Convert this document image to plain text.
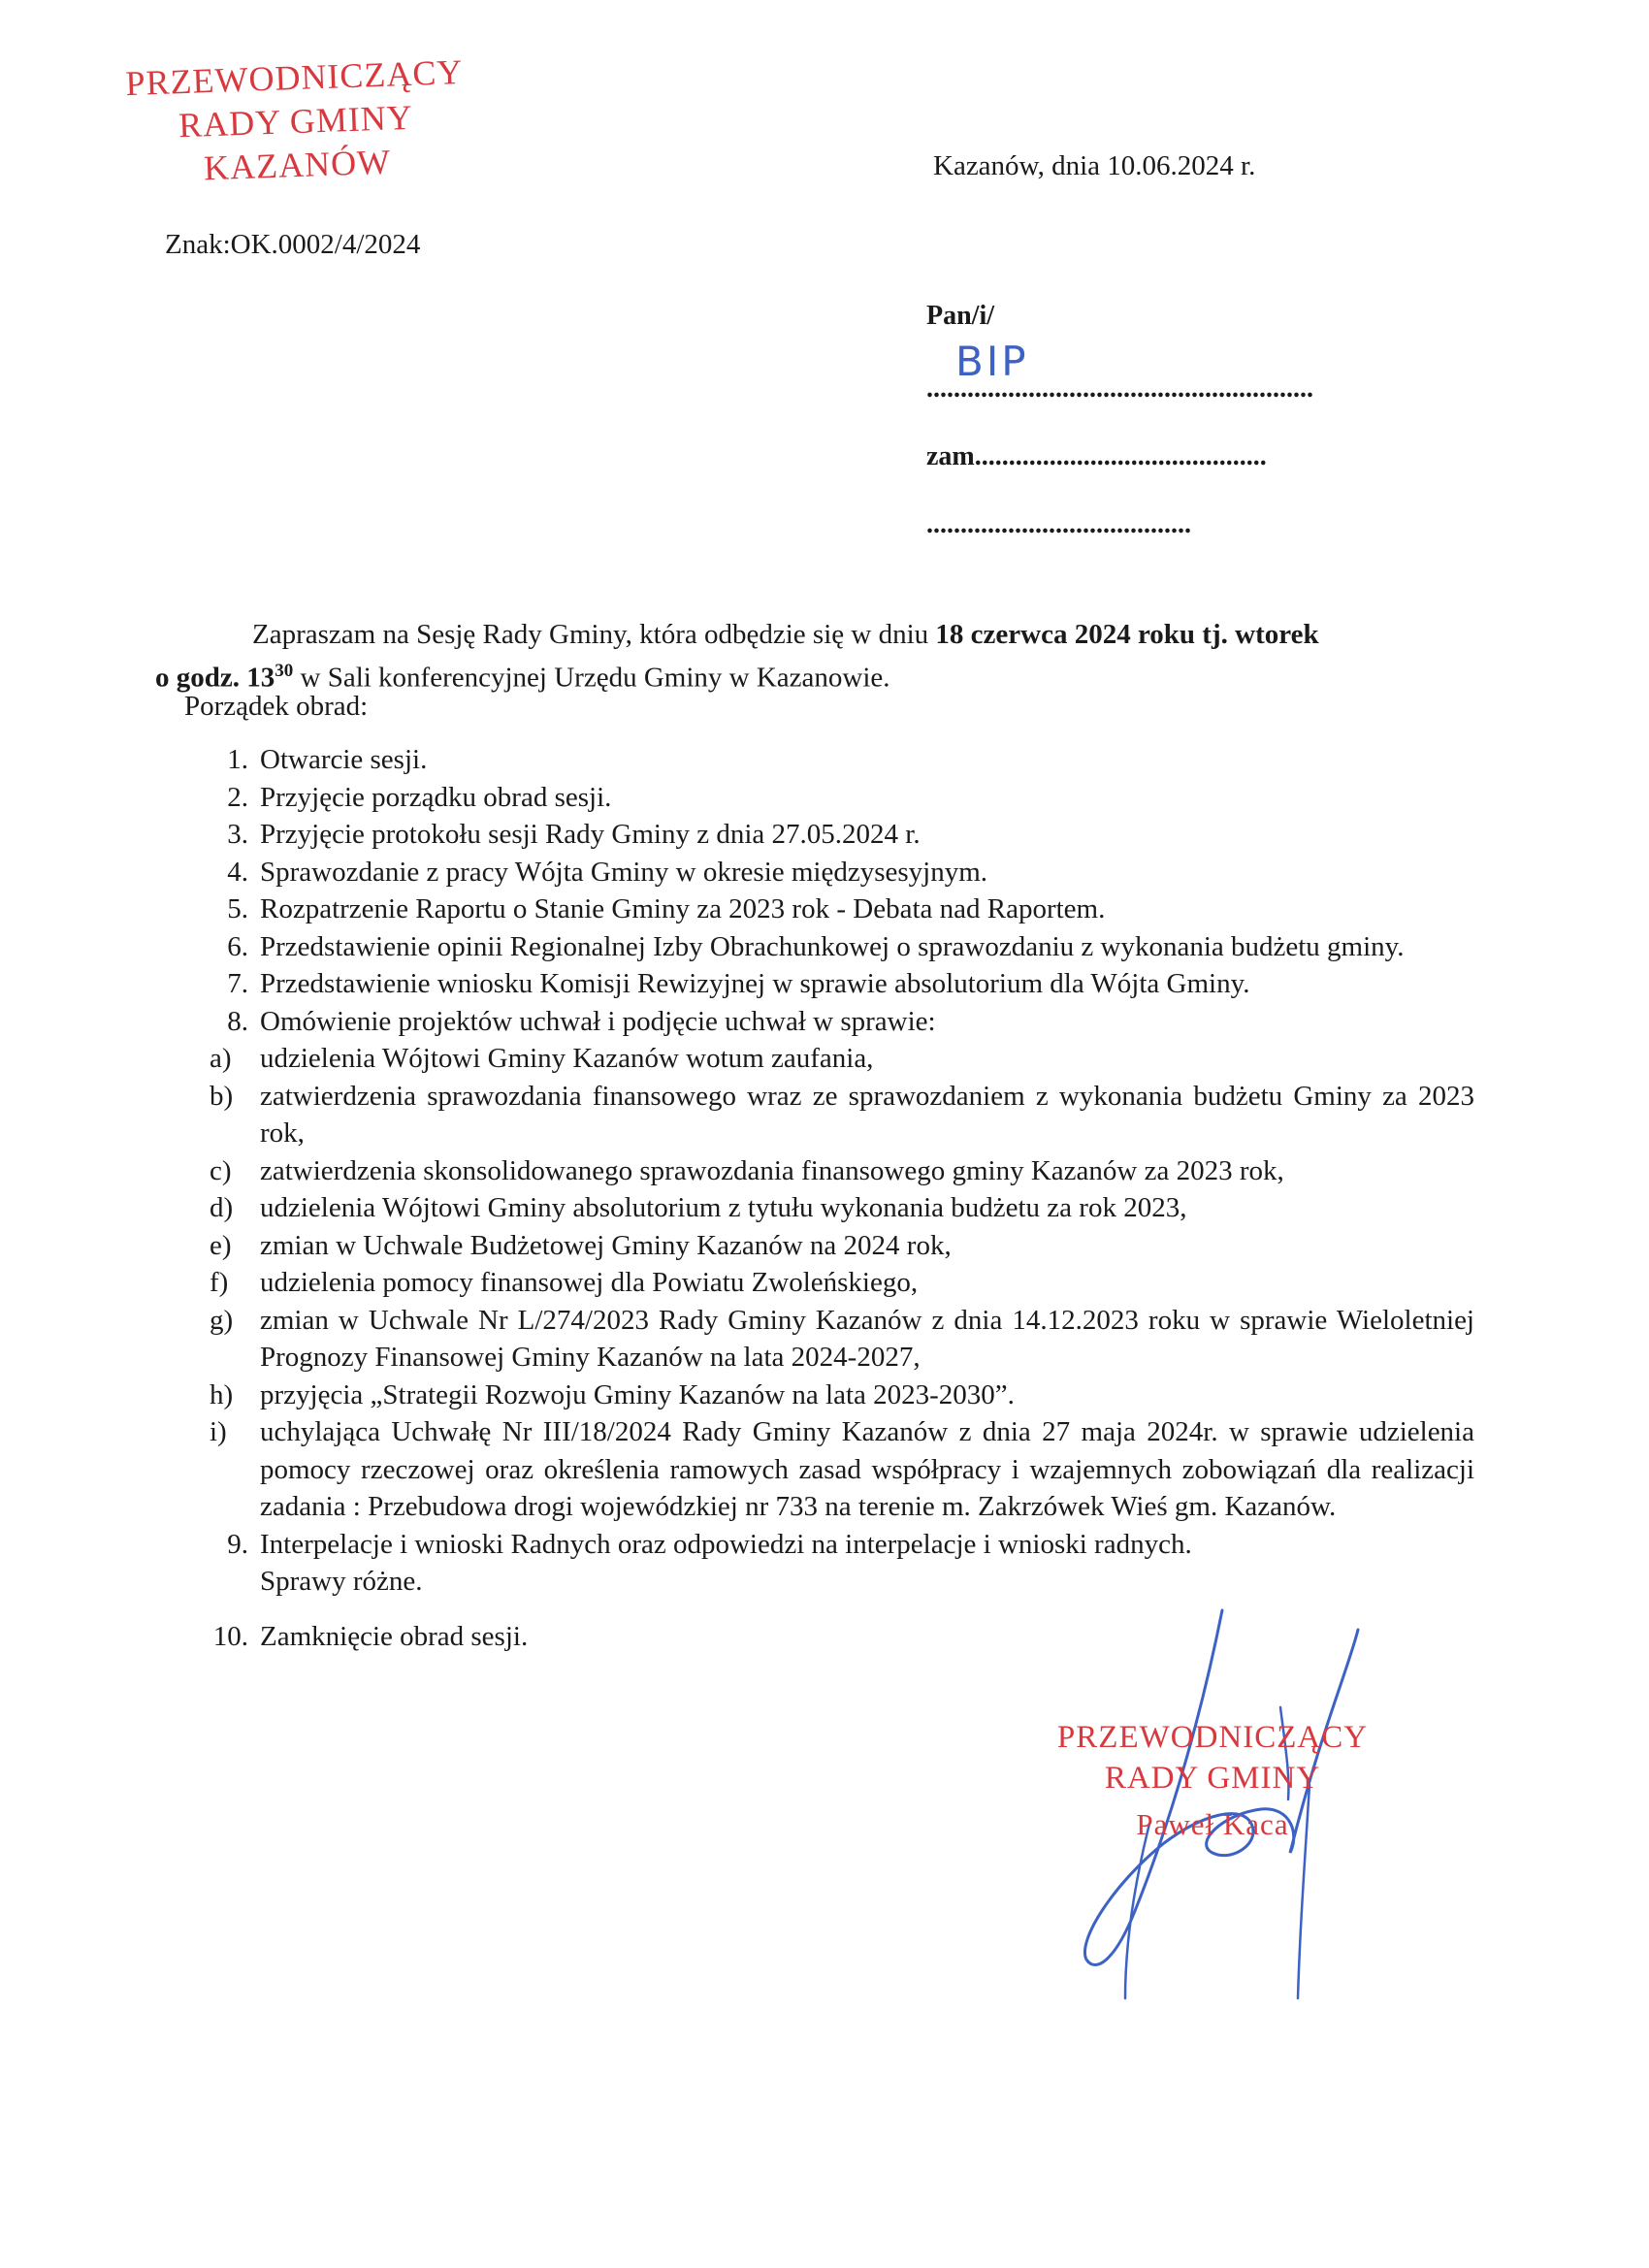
PRZEWODNICZĄCY
RADY GMINY
KAZANÓW	Kazanów, dnia 10.06.2024 r.
Znak:OK.0002/4/2024
Pan/i/
BIP
.........................................................
zam...........................................
.......................................
Zapraszam na Sesję Rady Gminy, która odbędzie się w dniu 18 czerwca 2024 roku tj. wtorek
o godz. $13^{30}$ w Sali konferencyjnej Urzędu Gminy w Kazanowie.
Porządek obrad:
1. Otwarcie sesji.
2. Przyjęcie porządku obrad sesji.
3. Przyjęcie protokołu sesji Rady Gminy z dnia 27.05.2024 r.
4. Sprawozdanie z pracy Wójta Gminy w okresie międzysesyjnym.
5. Rozpatrzenie Raportu o Stanie Gminy za 2023 rok - Debata nad Raportem.
6. Przedstawienie opinii Regionalnej Izby Obrachunkowej o sprawozdaniu z wykonania budżetu gminy.
7. Przedstawienie wniosku Komisji Rewizyjnej w sprawie absolutorium dla Wójta Gminy.
8. Omówienie projektów uchwał i podjęcie uchwał w sprawie:
a)	udzielenia Wójtowi Gminy Kazanów wotum zaufania,
b) zatwierdzenia sprawozdania finansowego wraz ze sprawozdaniem z wykonania budżetu Gminy za 2023 rok,
c)	zatwierdzenia skonsolidowanego sprawozdania finansowego gminy Kazanów za 2023 rok,
d) udzielenia Wójtowi Gminy absolutorium z tytułu wykonania budżetu za rok 2023,
e)	zmian w Uchwale Budżetowej Gminy Kazanów na 2024 rok,
f)	udzielenia pomocy finansowej dla Powiatu Zwoleńskiego,
g) zmian w Uchwale Nr L/274/2023 Rady Gminy Kazanów z dnia 14.12.2023 roku w sprawie Wieloletniej Prognozy Finansowej Gminy Kazanów na lata 2024-2027,
h) przyjęcia „Strategii Rozwoju Gminy Kazanów na lata 2023-2030”.
i)	uchylająca Uchwałę Nr III/18/2024 Rady Gminy Kazanów z dnia 27 maja 2024r. w sprawie udzielenia pomocy rzeczowej oraz określenia ramowych zasad współpracy i wzajemnych zobowiązań dla realizacji zadania : Przebudowa drogi wojewódzkiej nr 733 na terenie m. Zakrzówek Wieś gm. Kazanów.
9. Interpelacje i wnioski Radnych oraz odpowiedzi na interpelacje i wnioski radnych.
Sprawy różne.
10. Zamknięcie obrad sesji.
PRZEWODNICZĄCY
RADY GMINY
Paweł Kaca
